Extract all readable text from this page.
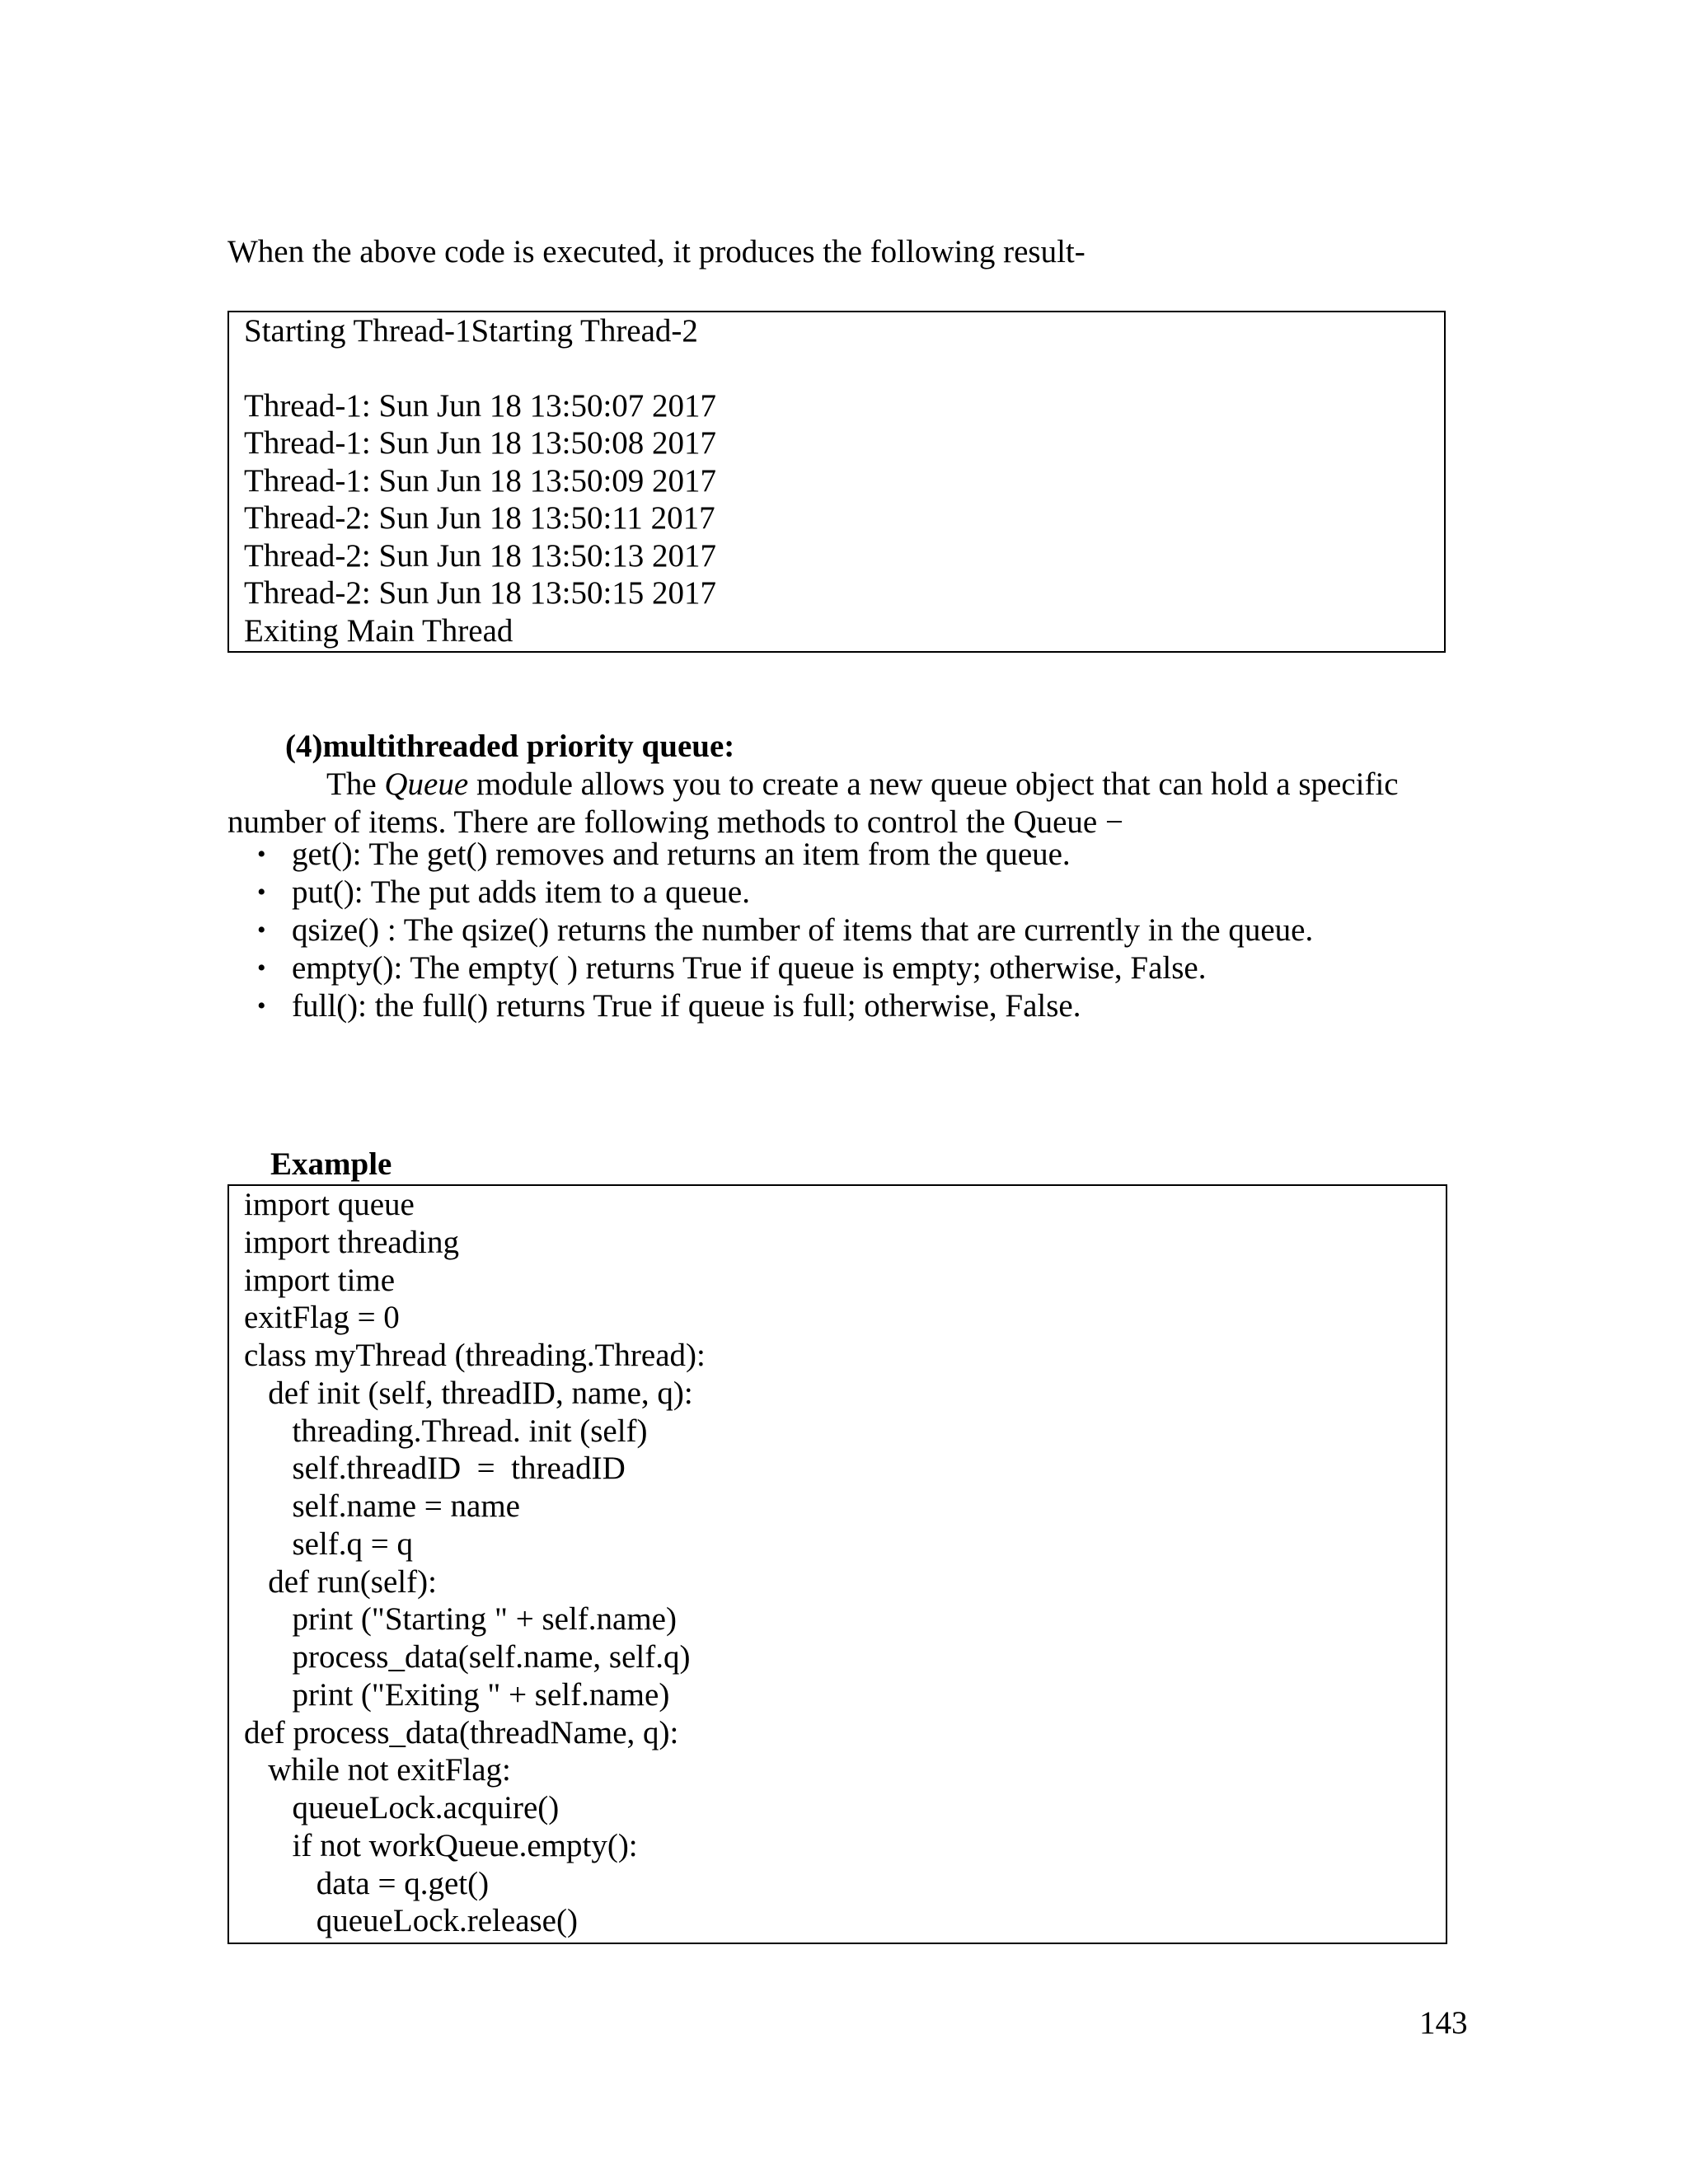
When the above code is executed, it produces the following result-
Starting Thread-1Starting Thread-2
Thread-1: Sun Jun 18 13:50:07 2017
Thread-1: Sun Jun 18 13:50:08 2017
Thread-1: Sun Jun 18 13:50:09 2017
Thread-2: Sun Jun 18 13:50:11 2017
Thread-2: Sun Jun 18 13:50:13 2017
Thread-2: Sun Jun 18 13:50:15 2017
Exiting Main Thread
(4)multithreaded priority queue:
The Queue module allows you to create a new queue object that can hold a specific
number of items. There are following methods to control the Queue −
• get(): The get() removes and returns an item from the queue.
• put(): The put adds item to a queue.
• qsize() : The qsize() returns the number of items that are currently in the queue.
• empty(): The empty( ) returns True if queue is empty; otherwise, False.
• full(): the full() returns True if queue is full; otherwise, False.
Example
import queue
import threading
import time
exitFlag = 0
class myThread (threading.Thread):
def init (self, threadID, name, q):
threading.Thread. init (self)
self.threadID  =  threadID
self.name = name
self.q = q
def run(self):
print ("Starting " + self.name)
process_data(self.name, self.q)
print ("Exiting " + self.name)
def process_data(threadName, q):
while not exitFlag:
queueLock.acquire()
if not workQueue.empty():
data = q.get()
queueLock.release()
143
